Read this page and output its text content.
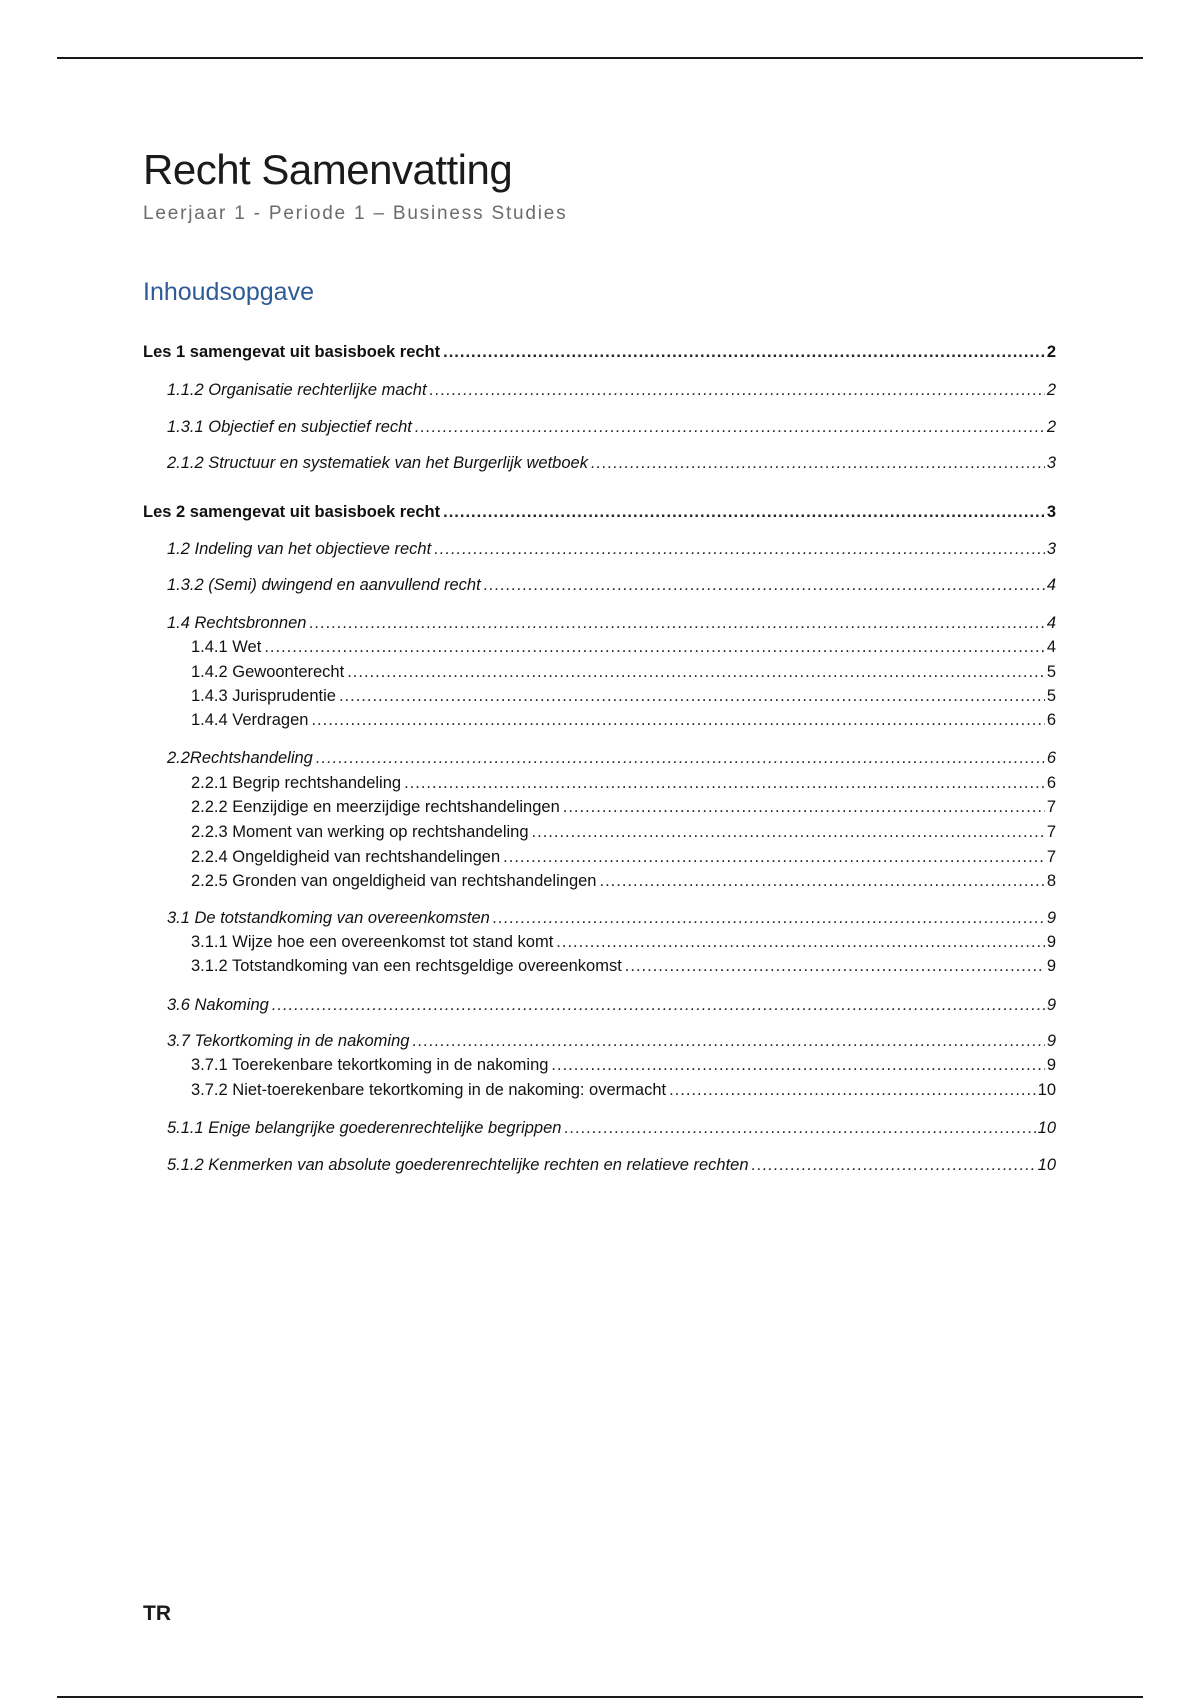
Recht Samenvatting

Leerjaar 1 - Periode 1 – Business Studies

Inhoudsopgave
Les 1 samengevat uit basisboek recht .....	2
1.1.2 Organisatie rechterlijke macht .....	2
1.3.1 Objectief en subjectief recht .....	2
2.1.2 Structuur en systematiek van het Burgerlijk wetboek .....	3
Les 2 samengevat uit basisboek recht .....	3
1.2 Indeling van het objectieve recht .....	3
1.3.2 (Semi) dwingend en aanvullend recht .....	4
1.4 Rechtsbronnen .....	4
1.4.1 Wet .....	4
1.4.2 Gewoonterecht .....	5
1.4.3 Jurisprudentie .....	5
1.4.4 Verdragen .....	6
2.2Rechtshandeling .....	6
2.2.1 Begrip rechtshandeling .....	6
2.2.2 Eenzijdige en meerzijdige rechtshandelingen .....	7
2.2.3 Moment van werking op rechtshandeling .....	7
2.2.4 Ongeldigheid van rechtshandelingen .....	7
2.2.5 Gronden van ongeldigheid van rechtshandelingen .....	8
3.1 De totstandkoming van overeenkomsten .....	9
3.1.1 Wijze hoe een overeenkomst tot stand komt .....	9
3.1.2 Totstandkoming van een rechtsgeldige overeenkomst .....	9
3.6 Nakoming .....	9
3.7 Tekortkoming in de nakoming .....	9
3.7.1 Toerekenbare tekortkoming in de nakoming .....	9
3.7.2 Niet-toerekenbare tekortkoming in de nakoming: overmacht .....	10
5.1.1 Enige belangrijke goederenrechtelijke begrippen .....	10
5.1.2 Kenmerken van absolute goederenrechtelijke rechten en relatieve rechten .....	10

TR
